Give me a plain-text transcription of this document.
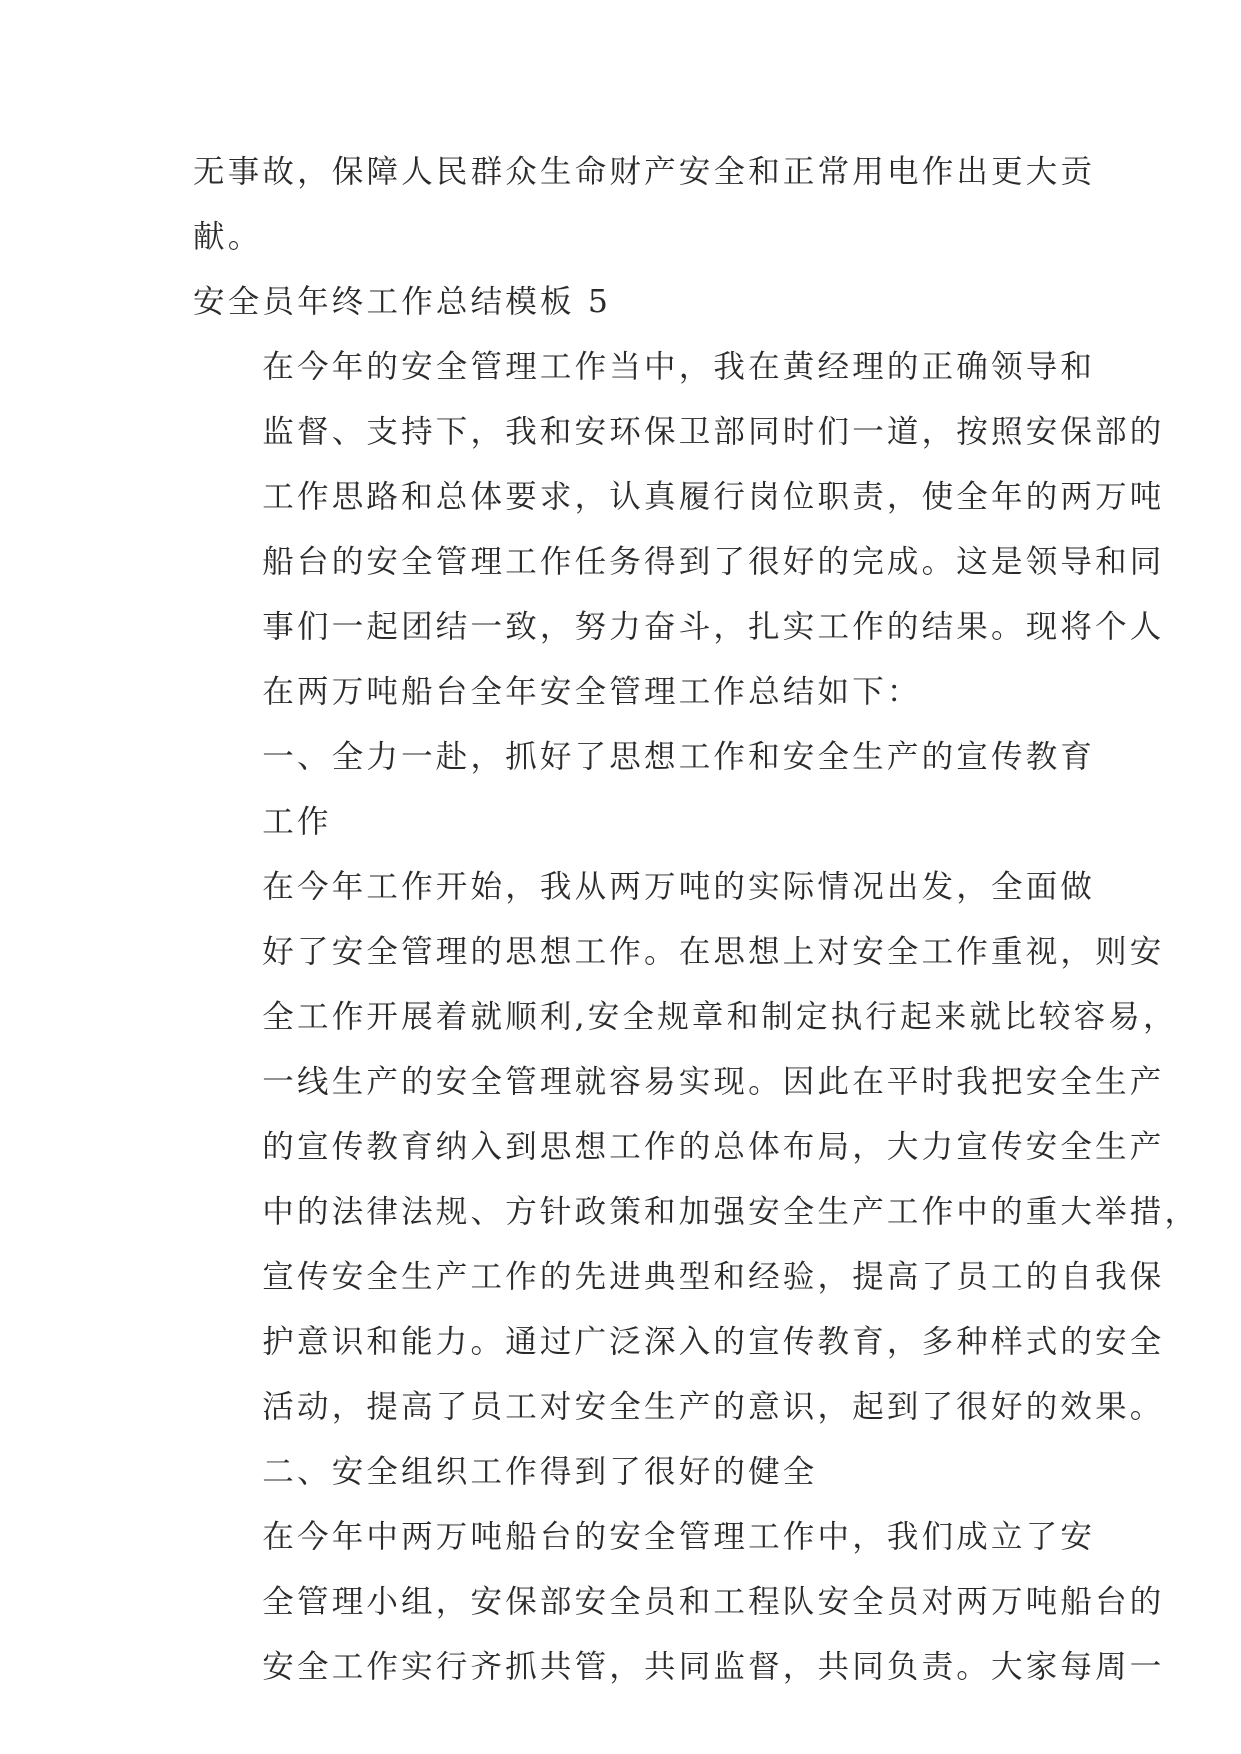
无事故，保障人民群众生命财产安全和正常用电作出更大贡
献。

安全员年终工作总结模板 5

在今年的安全管理工作当中，我在黄经理的正确领导和
监督、支持下，我和安环保卫部同时们一道，按照安保部的
工作思路和总体要求，认真履行岗位职责，使全年的两万吨
船台的安全管理工作任务得到了很好的完成。这是领导和同
事们一起团结一致，努力奋斗，扎实工作的结果。现将个人
在两万吨船台全年安全管理工作总结如下：

一、全力一赴，抓好了思想工作和安全生产的宣传教育
工作

在今年工作开始，我从两万吨的实际情况出发，全面做
好了安全管理的思想工作。在思想上对安全工作重视，则安
全工作开展着就顺利,安全规章和制定执行起来就比较容易，
一线生产的安全管理就容易实现。因此在平时我把安全生产
的宣传教育纳入到思想工作的总体布局，大力宣传安全生产
中的法律法规、方针政策和加强安全生产工作中的重大举措，
宣传安全生产工作的先进典型和经验，提高了员工的自我保
护意识和能力。通过广泛深入的宣传教育，多种样式的安全
活动，提高了员工对安全生产的意识，起到了很好的效果。

二、安全组织工作得到了很好的健全

在今年中两万吨船台的安全管理工作中，我们成立了安
全管理小组，安保部安全员和工程队安全员对两万吨船台的
安全工作实行齐抓共管，共同监督，共同负责。大家每周一
